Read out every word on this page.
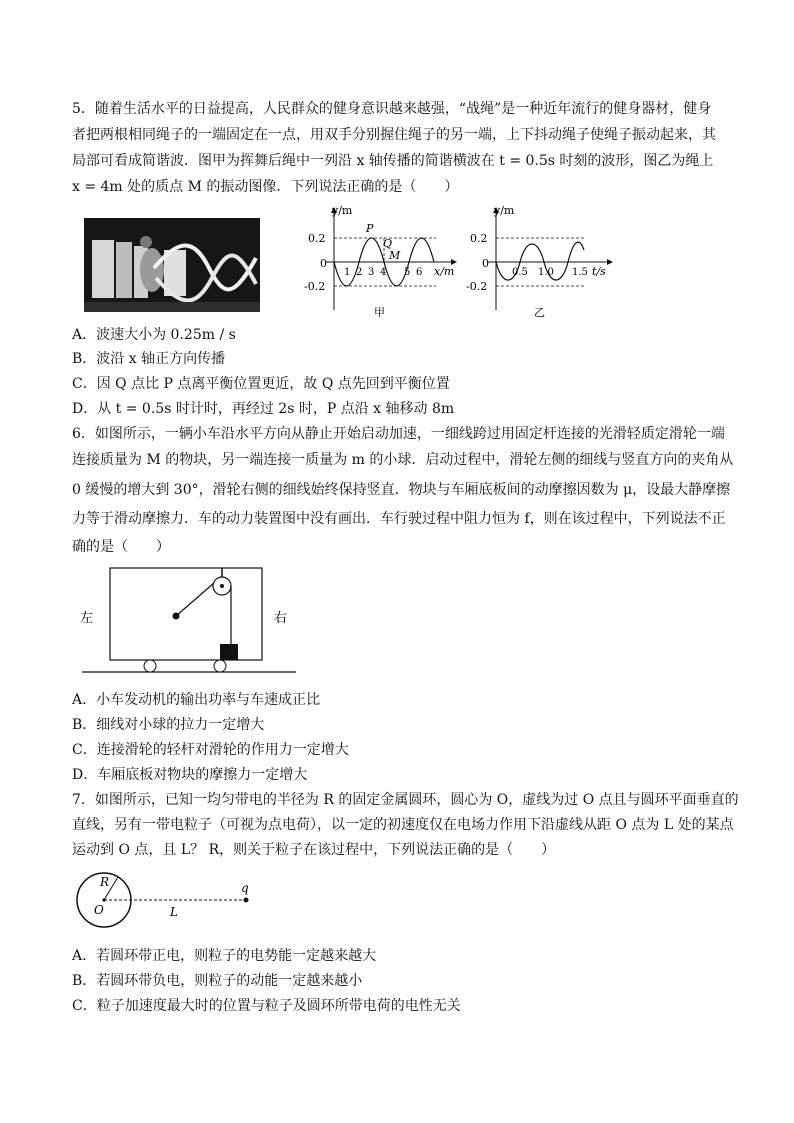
5．随着生活水平的日益提高，人民群众的健身意识越来越强，“战绳”是一种近年流行的健身器材，健身
者把两根相同绳子的一端固定在一点，用双手分别握住绳子的另一端，上下抖动绳子使绳子振动起来，其
局部可看成简谐波．图甲为挥舞后绳中一列沿 x 轴传播的简谐横波在 t = 0.5s 时刻的波形，图乙为绳上
x = 4m 处的质点 M 的振动图像．下列说法正确的是（　　）
y/m
0.2
-0.2
0
1 2 3 4 5 6 x/m
P
Q
M
甲
y/m
0.2
-0.2
0
0.5 1.0 1.5 t/s
乙
A．波速大小为 0.25m / s
B．波沿 x 轴正方向传播
C．因 Q 点比 P 点离平衡位置更近，故 Q 点先回到平衡位置
D．从 t = 0.5s 时计时，再经过 2s 时，P 点沿 x 轴移动 8m
6．如图所示，一辆小车沿水平方向从静止开始启动加速，一细线跨过用固定杆连接的光滑轻质定滑轮一端
连接质量为 M 的物块，另一端连接一质量为 m 的小球．启动过程中，滑轮左侧的细线与竖直方向的夹角从
0 缓慢的增大到 30°，滑轮右侧的细线始终保持竖直．物块与车厢底板间的动摩擦因数为 μ，设最大静摩擦
力等于滑动摩擦力．车的动力装置图中没有画出．车行驶过程中阻力恒为 f，则在该过程中，下列说法不正
确的是（　　）
左	右
A．小车发动机的输出功率与车速成正比
B．细线对小球的拉力一定增大
C．连接滑轮的轻杆对滑轮的作用力一定增大
D．车厢底板对物块的摩擦力一定增大
7．如图所示，已知一均匀带电的半径为 R 的固定金属圆环，圆心为 O，虚线为过 O 点且与圆环平面垂直的
直线，另有一带电粒子（可视为点电荷），以一定的初速度仅在电场力作用下沿虚线从距 O 点为 L 处的某点
运动到 O 点，且 L？ R，则关于粒子在该过程中，下列说法正确的是（　　）
R
O	L
q
A．若圆环带正电，则粒子的电势能一定越来越大
B．若圆环带负电，则粒子的动能一定越来越小
C．粒子加速度最大时的位置与粒子及圆环所带电荷的电性无关
